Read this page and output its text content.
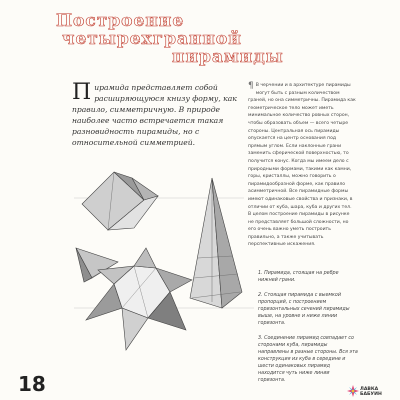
Построение
четырехгранной
пирамиды
П ирамида представляет собой расширяющуюся книзу форму, как правило, симметричную. В природе наиболее часто встречается такая разновидность пирамиды, но с относительной симметрией.

¶ В черчении и в архитектуре пирамиды могут быть с разным количеством граней, но она симметричны. Пирамида как геометрическое тело может иметь минимальное количество ровных сторон, чтобы образовать объем — всего четыре стороны. Центральная ось пирамиды опускается на центр основания под прямым углом. Если наклонные грани заменить сферической поверхностью, то получится конус. Когда мы имеем дело с природными формами, такими как камни, горы, кристаллы, можно говорить о пирамидообразной форме, как правило асимметричной. Все пирамидные формы имеют одинаковые свойства и признаки, в отличии от куба, шара, куба и других тел. В целом построение пирамиды в рисунке не представляет большой сложности, но его очень важно уметь построить правильно, а также учитывать перспективные искажения.
1. Пирамида, стоящая на ребре нижней грани.
2. Стоящая пирамида с выемкой пропорций, с построением горизонтальных сечений пирамиды выше, на уровне и ниже линии горизонта.
3. Соединение пирамид совпадает со сторонами куба, пирамиды направлены в разные стороны. Вся эта конструкция из куба в середине и шести одинаковых пирамид находится чуть ниже линии горизонта.
18	ЛАВКА БАБУИН
